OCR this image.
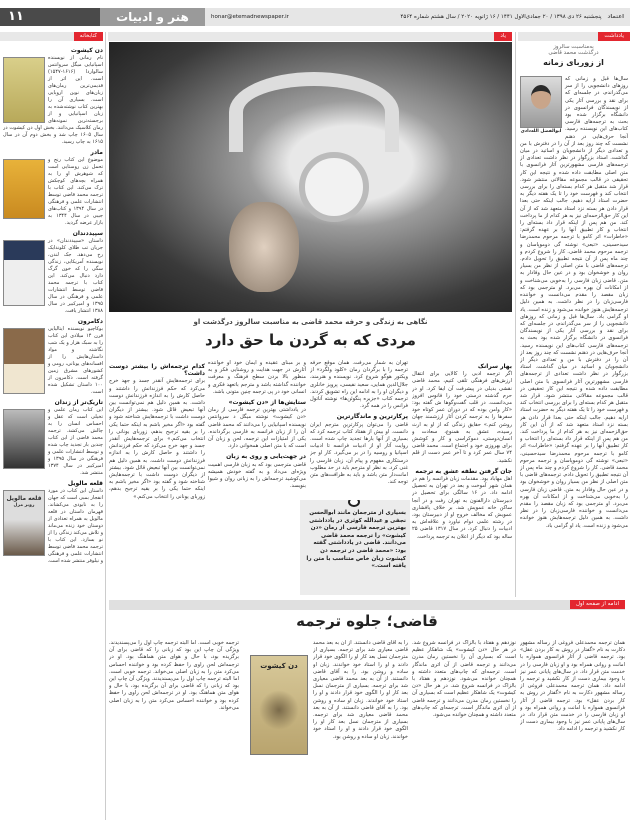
۱۱	هنر و ادبیات	honar@etemadnewspaper.ir	اعتمادپنجشنبه ۲۶ دی ۱۳۹۸ / ۲۰ جمادی‌الاول ۱۴۴۱ / ۱۶ ژانویه ۲۰۲۰ / سال هشتم شماره ۴۵۶۴
کتابخانه	یاد	یادداشت
به‌مناسبت سالروز
درگذشت محمد قاضی
از زوربای زمانه
ابوالفضل الله‌دادی
سال‌ها قبل و زمانی که روزهای دانشجویی را از سر می‌گذراندم، در جلسه‌ای که برای نقد و بررسی آثار یکی از نویسندگان فرانسوی در دانشگاه برگزار شده بود بحث به ترجمه‌های فارسی کتاب‌های این نویسنده رسید. آنجا حرف‌هایی در ذهنم نشست که چند روز بعد از آن را در دفترش با من و تعدادی دیگر از دانشجویان و اساتید در میان گذاشت. استاد بزرگوار در نظر داشت تعدادی از ترجمه‌های فارسی مشهورترین آثار فرانسوی با متن اصلی مطابقت داده شده و نتیجه این کار تحقیقی در قالب مجموعه مقالاتی منتشر شود. قرار شد متقبل هر کدام بسته‌ای را برای بررسی انتخاب کند و فهرست خود را تا یک هفته دیگر به حضرت استاد ارایه دهیم. جالب اینکه حتی بعدا قرار دادن هر بسته نزد استاد متعهد شد که از آن این کار حق‌الزحمه‌ای نیز به هر کدام از ما پرداخت کند. من هم پس از اینکه قرار داد بسته‌ای را انتخاب و کار تطبیق آنها را بر عهده گرفتم: «خاطرات» اثر کامو با ترجمه مرحوم محمدرضا سیدحسینی، «تبعی» نوشته گی دوموپاسان و ترجمه مرحوم محمد قاضی. کار را شروع کردم و چند ماه پس از آن نتیجه تطبیق را تحویل دادم. ترجمه‌های قاضی با متن اصلی از نظر من بسیار روان و خوشخوان بود و در عین حال وفادار به متن. قاضی زبان فارسی را به‌خوبی می‌شناخت و از امکانات آن بهره می‌برد. او مترجمی بود که زبان مقصد را مقدم می‌دانست و خواننده فارسی‌زبان را در نظر داشت. به همین دلیل ترجمه‌هایش هنوز خوانده می‌شود و زنده است. یاد او گرامی باد. سال‌ها قبل و زمانی که روزهای دانشجویی را از سر می‌گذراندم، در جلسه‌ای که برای نقد و بررسی آثار یکی از نویسندگان فرانسوی در دانشگاه برگزار شده بود بحث به ترجمه‌های فارسی کتاب‌های این نویسنده رسید. آنجا حرف‌هایی در ذهنم نشست که چند روز بعد از آن را در دفترش با من و تعدادی دیگر از دانشجویان و اساتید در میان گذاشت. استاد بزرگوار در نظر داشت تعدادی از ترجمه‌های فارسی مشهورترین آثار فرانسوی با متن اصلی مطابقت داده شده و نتیجه این کار تحقیقی در قالب مجموعه مقالاتی منتشر شود. قرار شد متقبل هر کدام بسته‌ای را برای بررسی انتخاب کند و فهرست خود را تا یک هفته دیگر به حضرت استاد ارایه دهیم. جالب اینکه حتی بعدا قرار دادن هر بسته نزد استاد متعهد شد که از آن این کار حق‌الزحمه‌ای نیز به هر کدام از ما پرداخت کند. من هم پس از اینکه قرار داد بسته‌ای را انتخاب و کار تطبیق آنها را بر عهده گرفتم: «خاطرات» اثر کامو با ترجمه مرحوم محمدرضا سیدحسینی، «تبعی» نوشته گی دوموپاسان و ترجمه مرحوم محمد قاضی. کار را شروع کردم و چند ماه پس از آن نتیجه تطبیق را تحویل دادم. ترجمه‌های قاضی با متن اصلی از نظر من بسیار روان و خوشخوان بود و در عین حال وفادار به متن. قاضی زبان فارسی را به‌خوبی می‌شناخت و از امکانات آن بهره می‌برد. او مترجمی بود که زبان مقصد را مقدم می‌دانست و خواننده فارسی‌زبان را در نظر داشت. به همین دلیل ترجمه‌هایش هنوز خوانده می‌شود و زنده است. یاد او گرامی باد.
نگاهی به زندگی و حرفه محمد قاضی به مناسبت سالروز درگذشت او
مردی که به گردن ما حق دارد
بهار سرانک
اگر ترجمه ادبی را کالایی برای انتقال ارزش‌های فرهنگی تلقی کنیم، محمد قاضی نقشی بدیلی در پیشرفت آن ایفا کرد. او در حرم گذشته درستی خود را فانوس افروز می‌دانست. در قلب گفت‌وگوها ش گفته بود: «کار وامن بوده که در دوران عمر کوتاه خود سفرها را به ترجمه کردن آثار ارزشمند جهان روشن کنم.» حقایق زندگی که از او به ارث رسیده، عشق به همنوع، سعادت و انسان‌دوستی، دموکراسی و کار و کوشش برای بهروزی خود و اجتماع است. محمد قاضی ۷۴ سال عمر کرد و تا آخر عمر دست از قلم نکشید.
جان گرفتن نطفه عشق به ترجمه
اهل مهاباد بود. مقدمات زبان فرانسه را هم در همان شهر آموخت و بعد در تهران به تحصیل ادامه داد. در ۱۶ سالگی برای تحصیل در دبیرستان دارالفنون به تهران رفت و در آنجا ساکن خانه عمویش شد. بر خلاف پافشاری عمویش که مخالف خروج او از دبیرستان بود، در رشته علمی دوام نیاورد و علاقه‌اش به ادبیات را دنبال کرد. در سال ۱۳۱۷ قاضی ۲۵ ساله بود که دیگر از اعلان به ترجمه پرداخت.
تهران به شمار می‌رفت. همان موقع حرفه ترجمه را با برگردان رمان «کلود ولگرد» از ویکتور هوگو شروع کرد. نویسنده و هنرمند، جلال‌الدین همایی، سعید نفیسی، پرویز خانلری و دیگران او را به ادامه این راه تشویق کردند. ترجمه کتاب «جزیره پنگوئن‌ها» نوشته آناتول فرانس را در همه گرد.
پرکارترین و ماندگارترین
قاضی را می‌توان پرکارترین مترجم ایران دانست. او بیش از هفتاد کتاب ترجمه کرد که بسیاری از آنها بارها تجدید چاپ شده است. روایت آثار او از ادبیات فرانسه تا ادبیات اسپانیا و روسیه را در بر می‌گیرد. کار او جز درستکاری مفهوم و پیام آن، زبان فارسی را غنی کرد. به نظر او مترجم باید در حد مطلوب امانت‌دار متن باشد و باید به ظرافت‌های متن توجه کند.
و بر مبنای عقیده و ایمان خود او خواننده آثارش در جهت هدایت و روشنایی فکر و به منظور بالا بردن سطح فرهنگ و معرفت خواننده گذاشته باشد و مترجم باتعهد فکری و انسانی خود در پی ترجمه چنین متونی باشد.
ستایش‌ها از «دن کیشوت»
در یادداشتی بهترین ترجمه فارسی از رمان «دن کیشوت» نوشته میگل د سروانتس نویسنده اسپانیایی را می‌دانند که محمد قاضی آن را از زبان فرانسه به فارسی برگردانده. یکی از امتیازات این ترجمه، لحن و زبان آن است که با متن اصلی همخوانی دارد.
در جهت‌یابی و روی به زبان
قاضی مترجمی بود که به زبان فارسی اهمیت ویژه‌ای می‌داد و به گفته خودش همیشه می‌کوشید ترجمه‌اش را به زبانی روان و شیوا بنویسد.
کدام ترجمه‌اش را بیشتر دوست داشت؟
برای ترجمه‌هایش آنقدر جسد و جهد خرج می‌کرد که حکم فرزندانش را داشتند و حاصل کارش را به اندازه فرزندانش دوست داشت. به همین دلیل هم نمی‌توانست بین آنها تبعیض قائل شود. بیشتر از دیگران دوست داشت با ترجمه‌هایش شناخته شود و گفته بود «اگر مخیر باشم به اینکه حتما یکی را بر بقیه ترجیح بدهم، زوربای یونانی را انتخاب می‌کنم.» برای ترجمه‌هایش آنقدر جسد و جهد خرج می‌کرد که حکم فرزندانش را داشتند و حاصل کارش را به اندازه فرزندانش دوست داشت. به همین دلیل هم نمی‌توانست بین آنها تبعیض قائل شود. بیشتر از دیگران دوست داشت با ترجمه‌هایش شناخته شود و گفته بود «اگر مخیر باشم به اینکه حتما یکی را بر بقیه ترجیح بدهم، زوربای یونانی را انتخاب می‌کنم.»
بسیاری از مترجمان مانند ابوالحسن نجفی و عبدالله کوثری در یادداشتی بهترین ترجمه فارسی از رمان «دن کیشوت» را ترجمه محمد قاضی می‌دانند. قاضی در یادداشتی گفته بود: «محمد قاضی در ترجمه دن کیشوت زبان خاص متناسب با متن را یافته است.»
ادامه از صفحه اول
قاضی؛ جلوه ترجمه
همان ترجمه محمدعلی فروغی از رساله مشهور دکارت به نام «گفتار در روش به کار بردن عقل» بود. ترجمه قاضی از آثار فرانسوی همواره با امانت و روانی همراه بود و او زبان فارسی را در خدمت متن قرار داد. در سال‌های پایانی عمر نیز با وجود بیماری دست از کار نکشید و ترجمه را ادامه داد. همان ترجمه محمدعلی فروغی از رساله مشهور دکارت به نام «گفتار در روش به کار بردن عقل» بود. ترجمه قاضی از آثار فرانسوی همواره با امانت و روانی همراه بود و او زبان فارسی را در خدمت متن قرار داد. در سال‌های پایانی عمر نیز با وجود بیماری دست از کار نکشید و ترجمه را ادامه داد.
نوزدهم و هفتاد با بالزاک در فرانسه شروع شد. در هر حال «دن کیشوت» یک شاهکار عظیم است که بسیاری آن را نخستین رمان مدرن می‌دانند و ترجمه قاضی از آن اثری ماندگار است. ترجمه‌ای که چاپ‌های متعدد داشته و همچنان خوانده می‌شود. نوزدهم و هفتاد با بالزاک در فرانسه شروع شد. در هر حال «دن کیشوت» یک شاهکار عظیم است که بسیاری آن را نخستین رمان مدرن می‌دانند و ترجمه قاضی از آن اثری ماندگار است. ترجمه‌ای که چاپ‌های متعدد داشته و همچنان خوانده می‌شود.
را به آقای قاضی دانستند. از آن به بعد محمد قاضی معیاری شد برای ترجمه. بسیاری از مترجمان نسل بعد کار او را الگوی خود قرار دادند و او را استاد خود خواندند. زبان او ساده و روشن بود. را به آقای قاضی دانستند. از آن به بعد محمد قاضی معیاری شد برای ترجمه. بسیاری از مترجمان نسل بعد کار او را الگوی خود قرار دادند و او را استاد خود خواندند. زبان او ساده و روشن بود. را به آقای قاضی دانستند. از آن به بعد محمد قاضی معیاری شد برای ترجمه. بسیاری از مترجمان نسل بعد کار او را الگوی خود قرار دادند و او را استاد خود خواندند. زبان او ساده و روشن بود.
ترجمه خوبی است. اما البته ترجمه چاپ اول را می‌پسندیدند. ویژگی آن چاپ این بود که زبانی را که قاضی برای آن برگزیده بود، با حال و هوای متن هماهنگ بود. او در ترجمه‌اش لحن راوی را حفظ کرده بود و خواننده احساس می‌کرد متن را به زبان اصلی می‌خواند. ترجمه خوبی است. اما البته ترجمه چاپ اول را می‌پسندیدند. ویژگی آن چاپ این بود که زبانی را که قاضی برای آن برگزیده بود، با حال و هوای متن هماهنگ بود. او در ترجمه‌اش لحن راوی را حفظ کرده بود و خواننده احساس می‌کرد متن را به زبان اصلی می‌خواند.
دن کیشوت
دن کیشوت
نام رمانی از نویسنده اسپانیایی میگل سروانتس سالواردا (۱۶۱۶-۱۵۴۷) است. این اثر از قدیمی‌ترین رمان‌های زبان‌های نوین اروپایی است. بسیاری آن را بهترین کتاب نوشته‌شده به زبان اسپانیایی و از برجسته‌ترین نمونه‌های رمان کلاسیک می‌دانند. بخش اول دن کیشوت در سال ۱۶۰۵ چاپ شد و بخش دوم آن در سال ۱۶۱۵ به چاپ رسید.
مادر
موضوع این کتاب رنج و تحمل زن روستایی است که شوهرش او را به همراه بچه‌های کوچکش ترک می‌کند. این کتاب با ترجمه محمد قاضی توسط انتشارات علمی و فرهنگی در سال ۱۳۹۴ و کتاب‌های جیبی در سال ۱۳۴۴ به بازار عرضه گردید.
سپیددندان
داستان «سپیددندان» در جریان تب طلای کلوندایک رخ می‌دهد. جک لندن، نویسنده آمریکایی، زندگی سگی را که خون گرگ دارد دنبال می‌کند. این کتاب با ترجمه محمد قاضی توسط انتشارات علمی و فرهنگی در سال ۱۳۹۵ و امیرکبیر در سال ۱۳۸۸ انتشار یافت.
دکامرون
بوکاچیو نویسنده ایتالیایی قرن ۱۴ میلادی این کتاب را به سبک هزار و یک شب نگاشته و مواد داستان‌هایش را از افسانه‌های یونانی، رومی و کشورهای مشرق زمین گرفته است. دکامرون از ۱۰۰ داستان تشکیل شده است.
تاریک‌تر از زندان
این کتاب رمان علمی و تخیلی است که عقل و احساس انسان را به چالش می‌کشد. ترجمه محمد قاضی از این کتاب چندین بار تجدید چاپ شده و توسط انتشارات علمی و فرهنگی در سال ۱۳۹۵ و امیرکبیر در سال ۱۳۷۴ منتشر شد.
قلعه مالویل
قلعه مالویل
روبر مرل
داستان این کتاب در مورد انفجار بمبی است که جهان را به نابودی می‌کشاند. قهرمان داستان در قلعه مالویل به همراه تعدادی از دوستان خود زنده می‌ماند و تلاش می‌کند زندگی را از نو بسازد. این کتاب با ترجمه محمد قاضی توسط انتشارات علمی و فرهنگی و نیلوفر منتشر شده است.
